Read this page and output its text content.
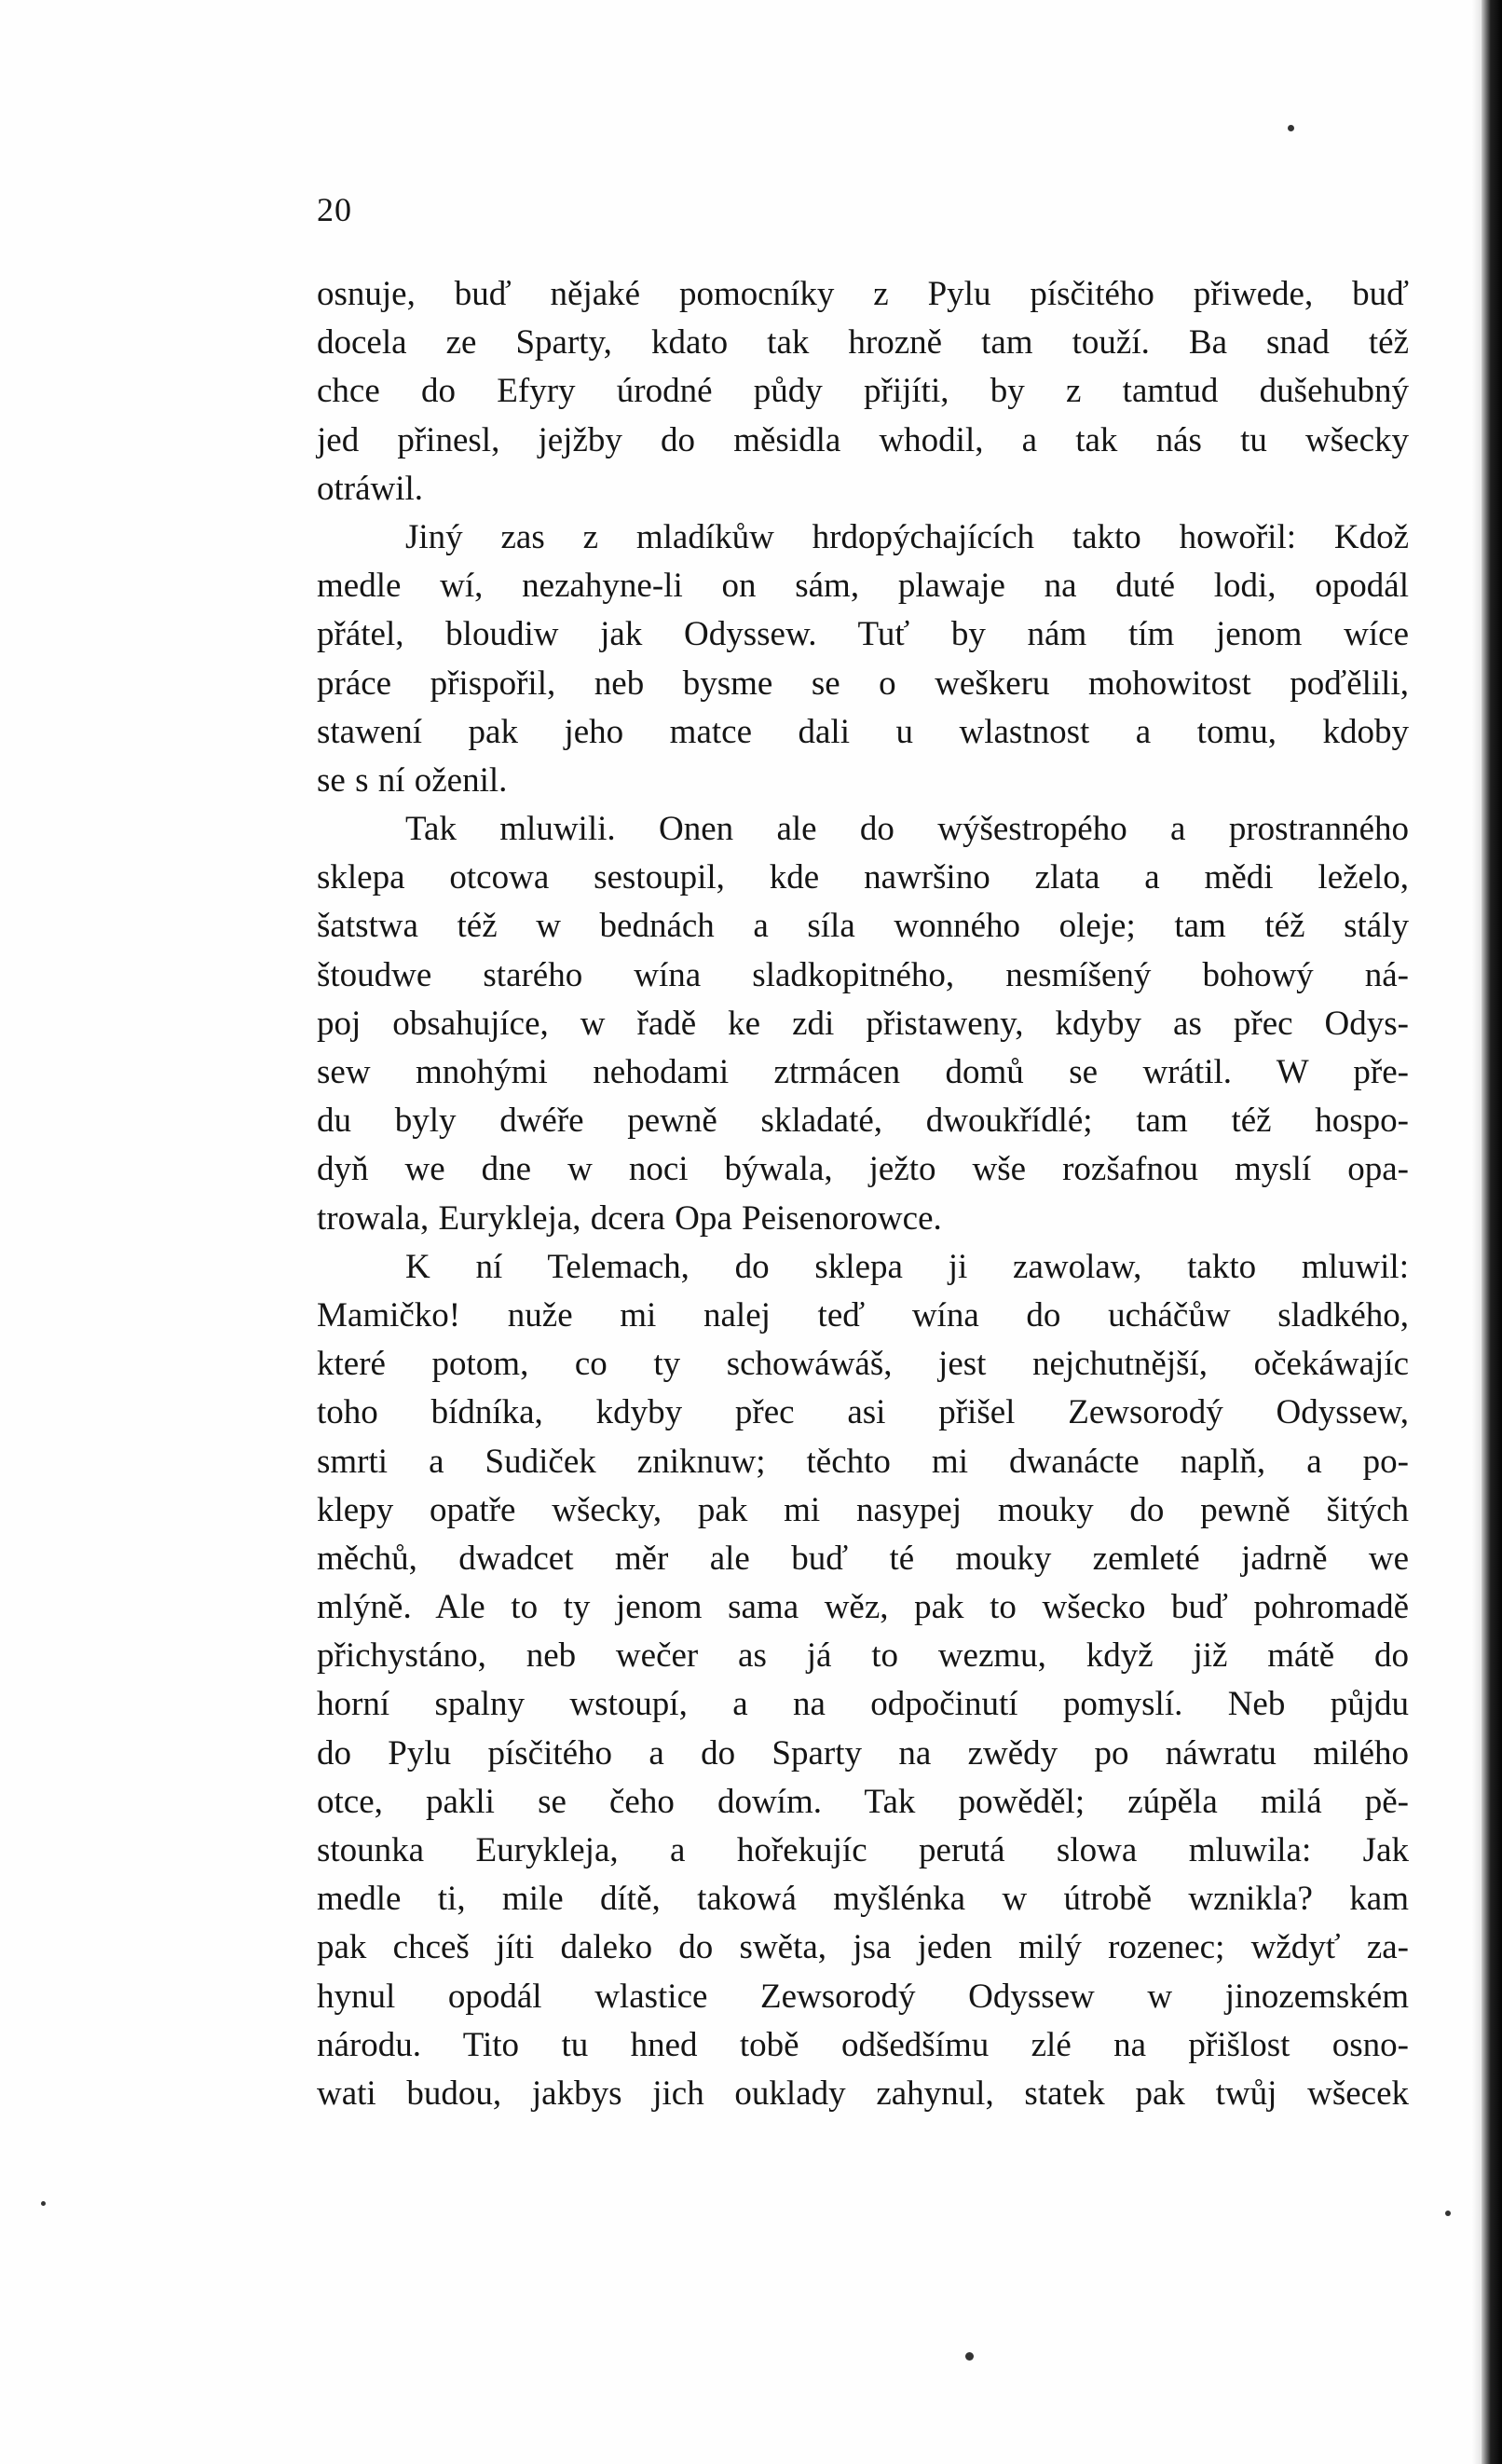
20
osnuje, buď nějaké pomocníky z Pylu písčitého přiwede, buď
docela ze Sparty, kdato tak hrozně tam touží. Ba snad též
chce do Efyry úrodné půdy přijíti, by z tamtud dušehubný
jed přinesl, jejžby do měsidla whodil, a tak nás tu wšecky
otráwil.
Jiný zas z mladíkůw hrdopýchajících takto howořil: Kdož
medle wí, nezahyne-li on sám, plawaje na duté lodi, opodál
přátel, bloudiw jak Odyssew. Tuť by nám tím jenom wíce
práce přispořil, neb bysme se o weškeru mohowitost poďělili,
stawení pak jeho matce dali u wlastnost a tomu, kdoby
se s ní oženil.
Tak mluwili. Onen ale do wýšestropého a prostranného
sklepa otcowa sestoupil, kde nawršino zlata a mědi leželo,
šatstwa též w bednách a síla wonného oleje; tam též stály
štoudwe starého wína sladkopitného, nesmíšený bohowý ná-
poj obsahujíce, w řadě ke zdi přistaweny, kdyby as přec Odys-
sew mnohými nehodami ztrmácen domů se wrátil. W pře-
du byly dwéře pewně skladaté, dwoukřídlé; tam též hospo-
dyň we dne w noci býwala, ježto wše rozšafnou myslí opa-
trowala, Eurykleja, dcera Opa Peisenorowce.
K ní Telemach, do sklepa ji zawolaw, takto mluwil:
Mamičko! nuže mi nalej teď wína do ucháčůw sladkého,
které potom, co ty schowáwáš, jest nejchutnější, očekáwajíc
toho bídníka, kdyby přec asi přišel Zewsorodý Odyssew,
smrti a Sudiček zniknuw; těchto mi dwanácte naplň, a po-
klepy opatře wšecky, pak mi nasypej mouky do pewně šitých
měchů, dwadcet měr ale buď té mouky zemleté jadrně we
mlýně. Ale to ty jenom sama wěz, pak to wšecko buď pohromadě
přichystáno, neb wečer as já to wezmu, když již mátě do
horní spalny wstoupí, a na odpočinutí pomyslí. Neb půjdu
do Pylu písčitého a do Sparty na zwědy po náwratu milého
otce, pakli se čeho dowím. Tak powěděl; zúpěla milá pě-
stounka Eurykleja, a hořekujíc perutá slowa mluwila: Jak
medle ti, mile dítě, takowá myšlénka w útrobě wznikla? kam
pak chceš jíti daleko do swěta, jsa jeden milý rozenec; wždyť za-
hynul opodál wlastice Zewsorodý Odyssew w jinozemském
národu. Tito tu hned tobě odšedšímu zlé na přišlost osno-
wati budou, jakbys jich ouklady zahynul, statek pak twůj wšecek
